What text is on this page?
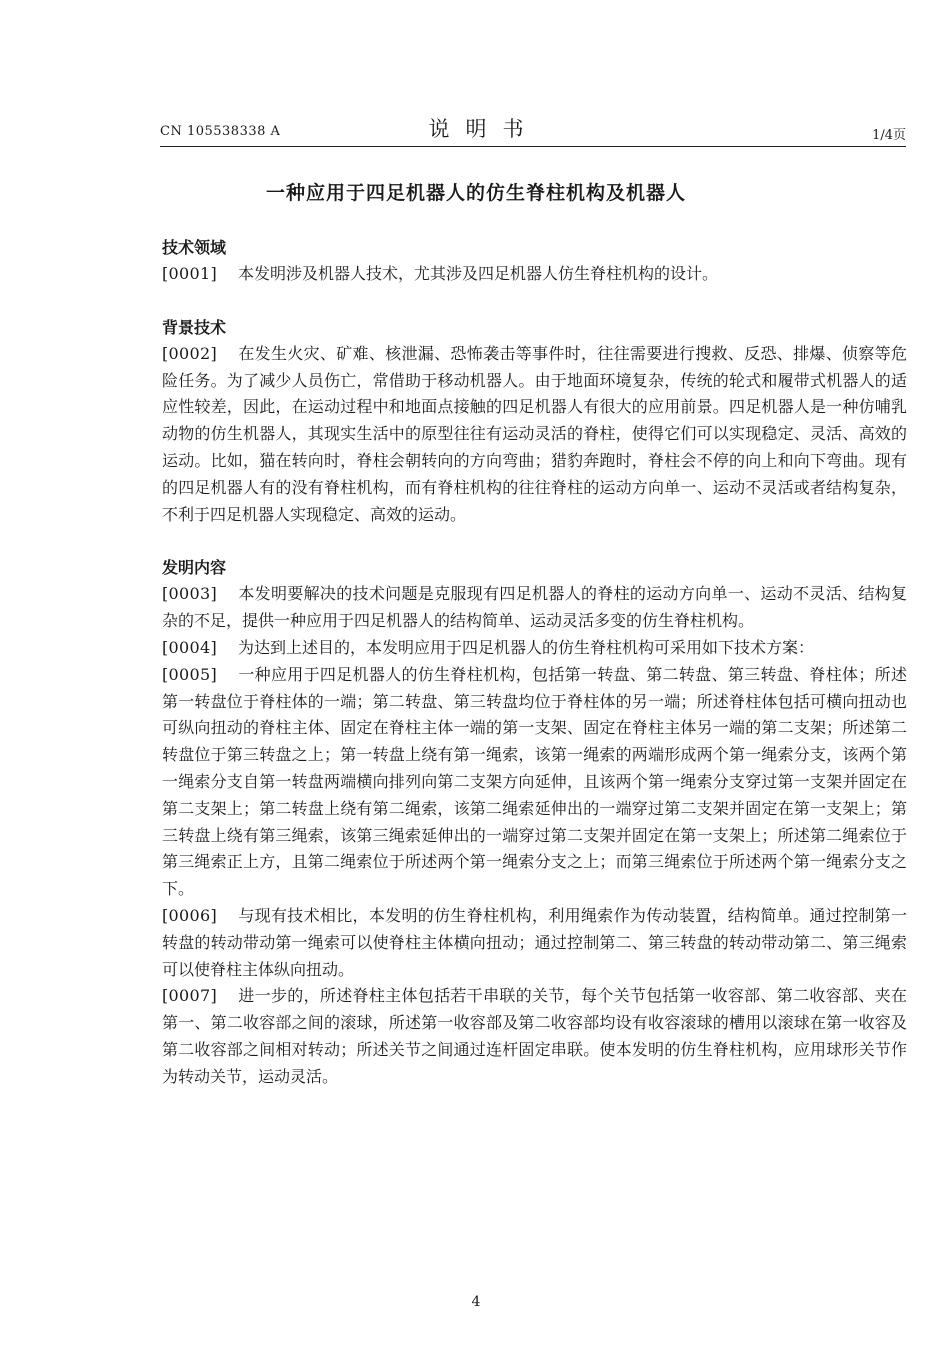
CN 105538338 A	说明书	1/4页
一种应用于四足机器人的仿生脊柱机构及机器人
技术领域
[0001] 本发明涉及机器人技术，尤其涉及四足机器人仿生脊柱机构的设计。
背景技术
[0002] 在发生火灾、矿难、核泄漏、恐怖袭击等事件时，往往需要进行搜救、反恐、排爆、侦察等危险任务。为了减少人员伤亡，常借助于移动机器人。由于地面环境复杂，传统的轮式和履带式机器人的适应性较差，因此，在运动过程中和地面点接触的四足机器人有很大的应用前景。四足机器人是一种仿哺乳动物的仿生机器人，其现实生活中的原型往往有运动灵活的脊柱，使得它们可以实现稳定、灵活、高效的运动。比如，猫在转向时，脊柱会朝转向的方向弯曲；猎豹奔跑时，脊柱会不停的向上和向下弯曲。现有的四足机器人有的没有脊柱机构，而有脊柱机构的往往脊柱的运动方向单一、运动不灵活或者结构复杂，不利于四足机器人实现稳定、高效的运动。
发明内容
[0003] 本发明要解决的技术问题是克服现有四足机器人的脊柱的运动方向单一、运动不灵活、结构复杂的不足，提供一种应用于四足机器人的结构简单、运动灵活多变的仿生脊柱机构。
[0004] 为达到上述目的，本发明应用于四足机器人的仿生脊柱机构可采用如下技术方案：
[0005] 一种应用于四足机器人的仿生脊柱机构，包括第一转盘、第二转盘、第三转盘、脊柱体；所述第一转盘位于脊柱体的一端；第二转盘、第三转盘均位于脊柱体的另一端；所述脊柱体包括可横向扭动也可纵向扭动的脊柱主体、固定在脊柱主体一端的第一支架、固定在脊柱主体另一端的第二支架；所述第二转盘位于第三转盘之上；第一转盘上绕有第一绳索，该第一绳索的两端形成两个第一绳索分支，该两个第一绳索分支自第一转盘两端横向排列向第二支架方向延伸，且该两个第一绳索分支穿过第一支架并固定在第二支架上；第二转盘上绕有第二绳索，该第二绳索延伸出的一端穿过第二支架并固定在第一支架上；第三转盘上绕有第三绳索，该第三绳索延伸出的一端穿过第二支架并固定在第一支架上；所述第二绳索位于第三绳索正上方，且第二绳索位于所述两个第一绳索分支之上；而第三绳索位于所述两个第一绳索分支之下。
[0006] 与现有技术相比，本发明的仿生脊柱机构，利用绳索作为传动装置，结构简单。通过控制第一转盘的转动带动第一绳索可以使脊柱主体横向扭动；通过控制第二、第三转盘的转动带动第二、第三绳索可以使脊柱主体纵向扭动。
[0007] 进一步的，所述脊柱主体包括若干串联的关节，每个关节包括第一收容部、第二收容部、夹在第一、第二收容部之间的滚球，所述第一收容部及第二收容部均设有收容滚球的槽用以滚球在第一收容及第二收容部之间相对转动；所述关节之间通过连杆固定串联。使本发明的仿生脊柱机构，应用球形关节作为转动关节，运动灵活。
4
